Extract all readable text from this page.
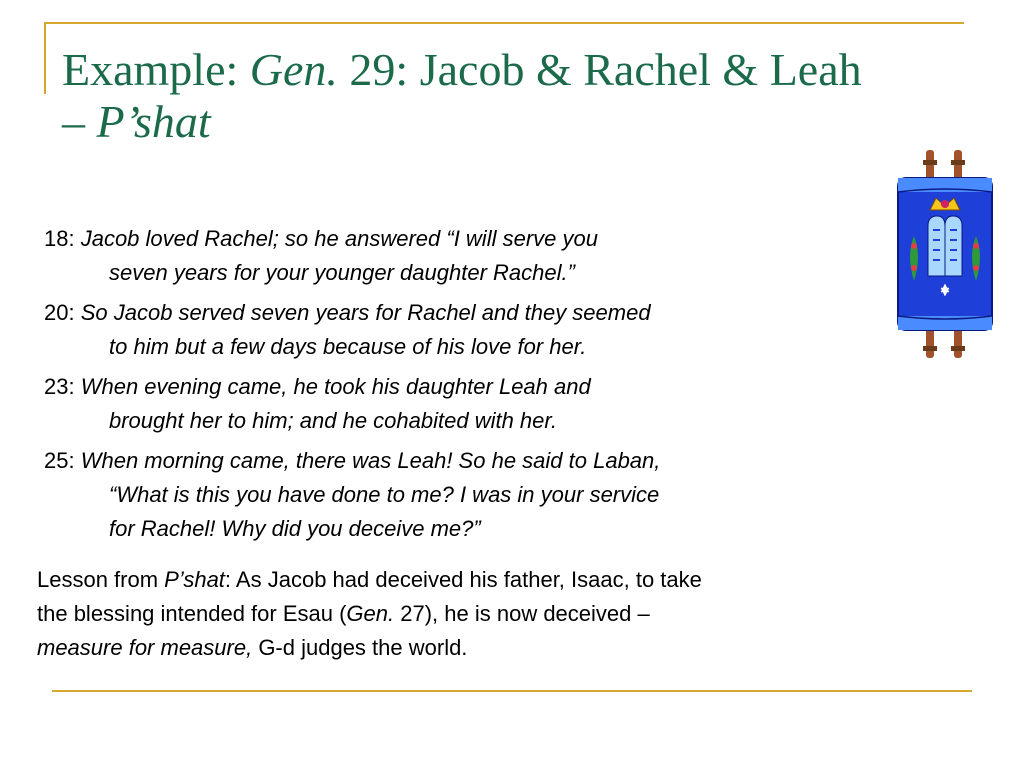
Example: Gen. 29: Jacob & Rachel & Leah
– P’shat
18: Jacob loved Rachel; so he answered “I will serve you
seven years for your younger daughter Rachel.”
20: So Jacob served seven years for Rachel and they seemed
to him but a few days because of his love for her.
23: When evening came, he took his daughter Leah and
brought her to him; and he cohabited with her.
25: When morning came, there was Leah! So he said to Laban,
“What is this you have done to me? I was in your service
for Rachel! Why did you deceive me?”

Lesson from P’shat: As Jacob had deceived his father, Isaac, to take
the blessing intended for Esau (Gen. 27), he is now deceived –
measure for measure, G-d judges the world.
